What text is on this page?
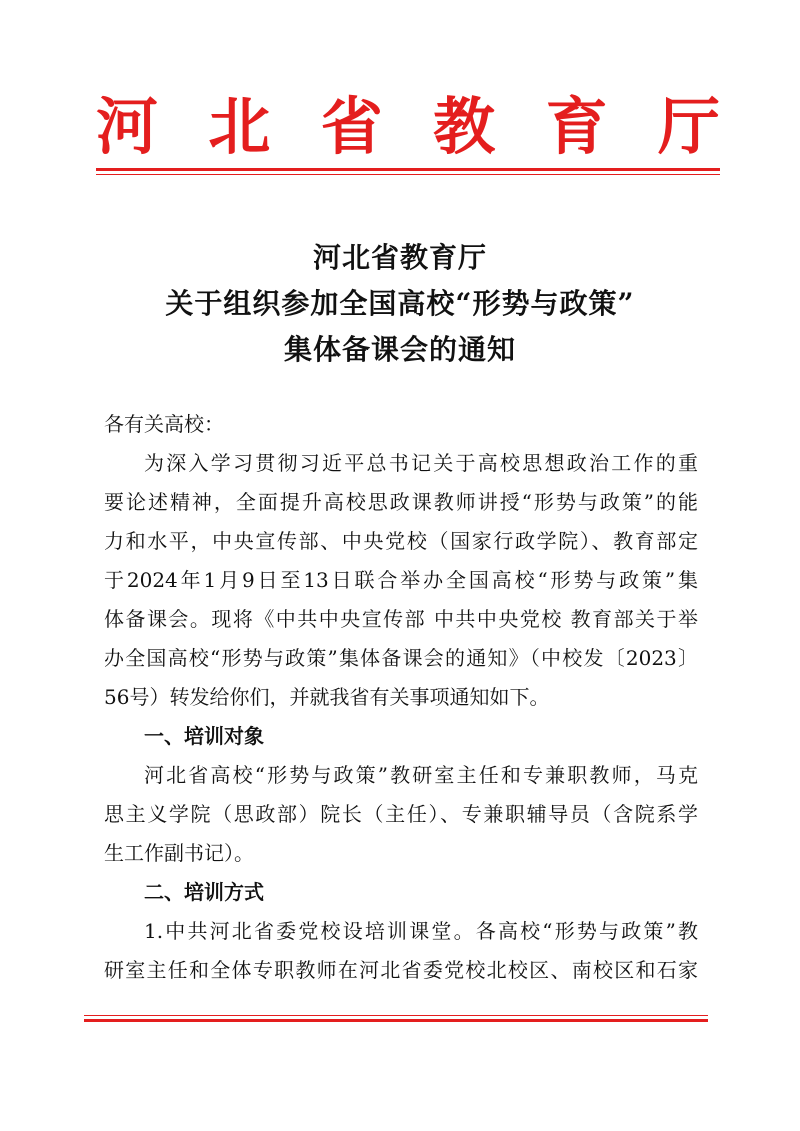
河 北 省 教 育 厅
河北省教育厅
关于组织参加全国高校“形势与政策”
集体备课会的通知
各有关高校：
为深入学习贯彻习近平总书记关于高校思想政治工作的重
要论述精神，全面提升高校思政课教师讲授“形势与政策”的能
力和水平，中央宣传部、中央党校（国家行政学院）、教育部定
于2024年1月9日至13日联合举办全国高校“形势与政策”集
体备课会。现将《中共中央宣传部 中共中央党校 教育部关于举
办全国高校“形势与政策”集体备课会的通知》（中校发〔2023〕
56号）转发给你们，并就我省有关事项通知如下。
一、培训对象
河北省高校“形势与政策”教研室主任和专兼职教师，马克
思主义学院（思政部）院长（主任）、专兼职辅导员（含院系学
生工作副书记）。
二、培训方式
1.中共河北省委党校设培训课堂。各高校“形势与政策”教
研室主任和全体专职教师在河北省委党校北校区、南校区和石家
